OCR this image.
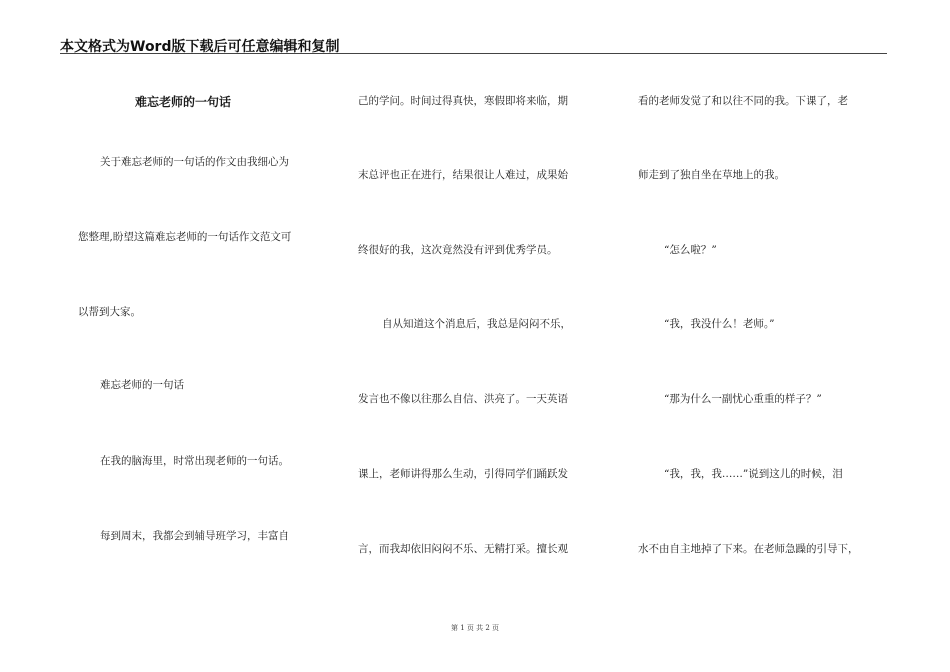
本文格式为Word版下载后可任意编辑和复制
难忘老师的一句话
关于难忘老师的一句话的作文由我细心为
您整理,盼望这篇难忘老师的一句话作文范文可
以帮到大家。
难忘老师的一句话
在我的脑海里，时常出现老师的一句话。
每到周末，我都会到辅导班学习，丰富自
己的学问。时间过得真快，寒假即将来临，期
末总评也正在进行，结果很让人难过，成果始
终很好的我，这次竟然没有评到优秀学员。
自从知道这个消息后，我总是闷闷不乐，
发言也不像以往那么自信、洪亮了。一天英语
课上，老师讲得那么生动，引得同学们踊跃发
言，而我却依旧闷闷不乐、无精打采。擅长观
看的老师发觉了和以往不同的我。下课了，老
师走到了独自坐在草地上的我。
“怎么啦？”
“我，我没什么！老师。”
“那为什么一副忧心重重的样子？”
“我，我，我……”说到这儿的时候，泪
水不由自主地掉了下来。在老师急躁的引导下，
第 1 页 共 2 页
